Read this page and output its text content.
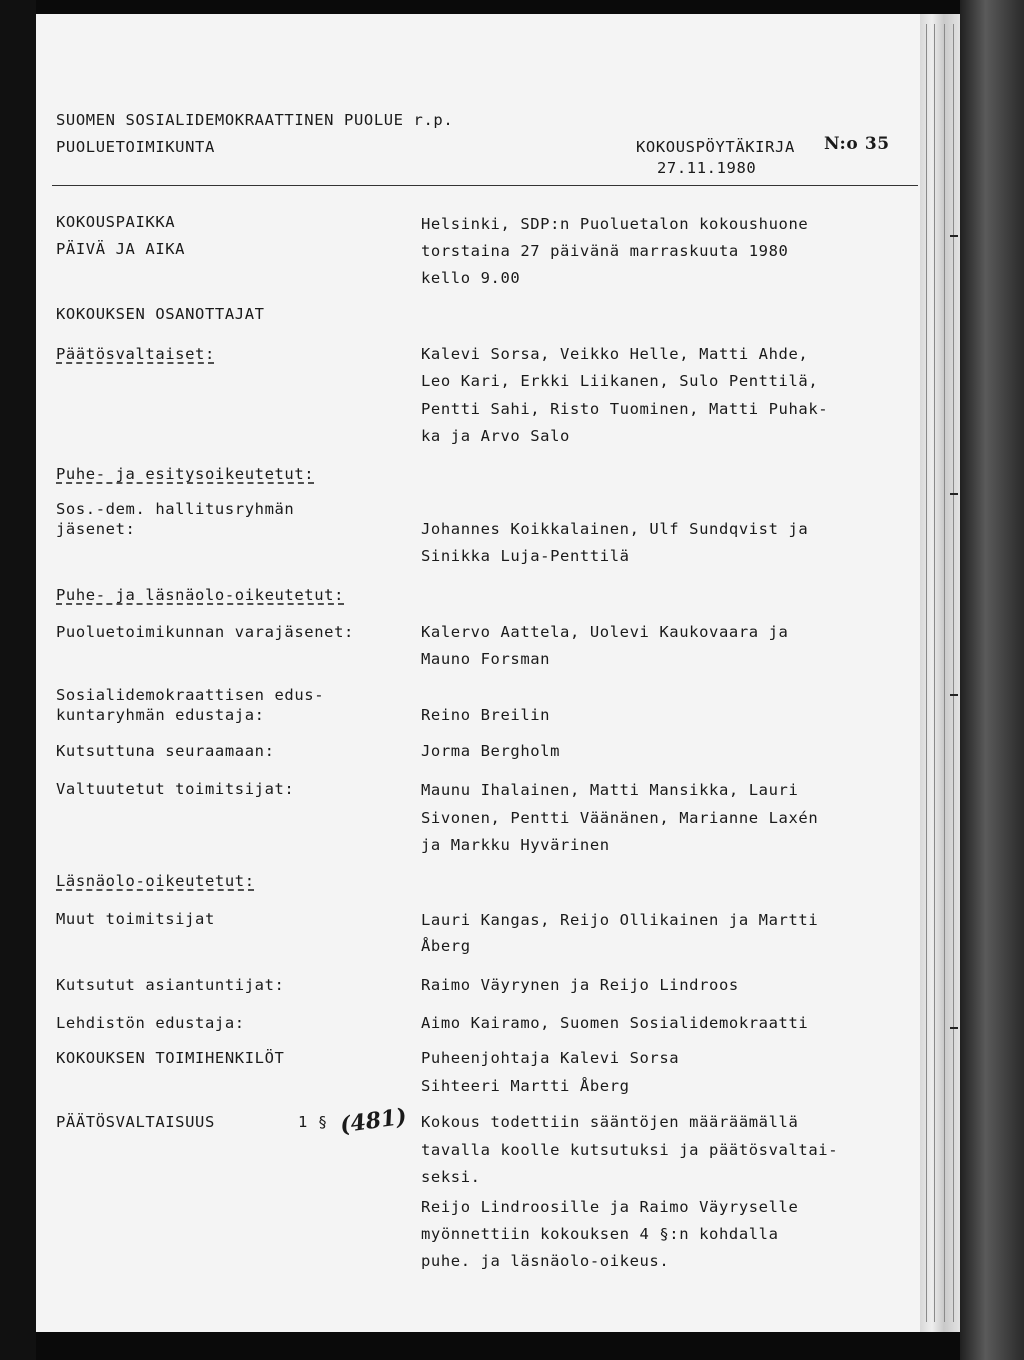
SUOMEN SOSIALIDEMOKRAATTINEN PUOLUE r.p.
PUOLUETOIMIKUNTA	KOKOUSPÖYTÄKIRJA N:o 35
27.11.1980
KOKOUSPAIKKA
PÄIVÄ JA AIKA
KOKOUKSEN OSANOTTAJAT
Päätösvaltaiset:
Puhe- ja esitysoikeutetut:
Sos.-dem. hallitusryhmän
jäsenet:
Puhe- ja läsnäolo-oikeutetut:
Puoluetoimikunnan varajäsenet:
Sosialidemokraattisen edus-
kuntaryhmän edustaja:
Kutsuttuna seuraamaan:
Valtuutetut toimitsijat:
Läsnäolo-oikeutetut:
Muut toimitsijat
Kutsutut asiantuntijat:
Lehdistön edustaja:
KOKOUKSEN TOIMIHENKILÖT
PÄÄTÖSVALTAISUUS	1 § (481)
Helsinki, SDP:n Puoluetalon kokoushuone
torstaina 27 päivänä marraskuuta 1980
kello 9.00
Kalevi Sorsa, Veikko Helle, Matti Ahde,
Leo Kari, Erkki Liikanen, Sulo Penttilä,
Pentti Sahi, Risto Tuominen, Matti Puhak-
ka ja Arvo Salo
Johannes Koikkalainen, Ulf Sundqvist ja
Sinikka Luja-Penttilä
Kalervo Aattela, Uolevi Kaukovaara ja
Mauno Forsman
Reino Breilin
Jorma Bergholm
Maunu Ihalainen, Matti Mansikka, Lauri
Sivonen, Pentti Väänänen, Marianne Laxén
ja Markku Hyvärinen
Lauri Kangas, Reijo Ollikainen ja Martti
Åberg
Raimo Väyrynen ja Reijo Lindroos
Aimo Kairamo, Suomen Sosialidemokraatti
Puheenjohtaja Kalevi Sorsa
Sihteeri Martti Åberg
Kokous todettiin sääntöjen määräämällä
tavalla koolle kutsutuksi ja päätösvaltai-
seksi.
Reijo Lindroosille ja Raimo Väyryselle
myönnettiin kokouksen 4 §:n kohdalla
puhe. ja läsnäolo-oikeus.
